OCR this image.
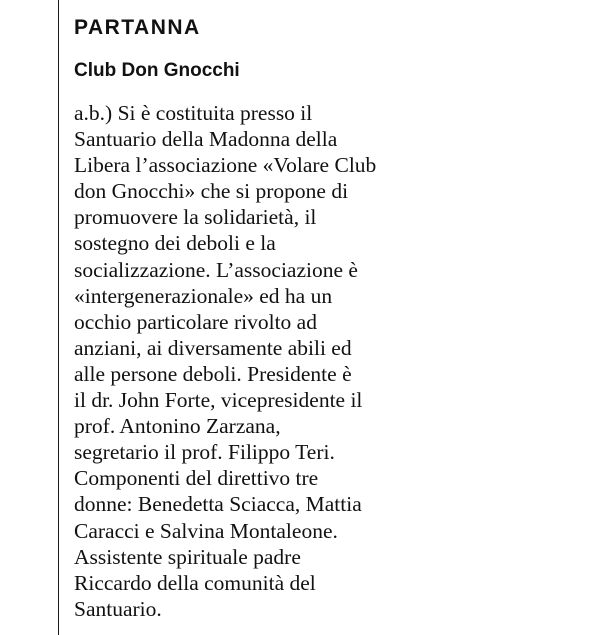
PARTANNA
Club Don Gnocchi

a.b.) Si è costituita presso il
Santuario della Madonna della
Libera l’associazione «Volare Club
don Gnocchi» che si propone di
promuovere la solidarietà, il
sostegno dei deboli e la
socializzazione. L’associazione è
«intergenerazionale» ed ha un
occhio particolare rivolto ad
anziani, ai diversamente abili ed
alle persone deboli. Presidente è
il dr. John Forte, vicepresidente il
prof. Antonino Zarzana,
segretario il prof. Filippo Teri.
Componenti del direttivo tre
donne: Benedetta Sciacca, Mattia
Caracci e Salvina Montaleone.
Assistente spirituale padre
Riccardo della comunità del
Santuario.
